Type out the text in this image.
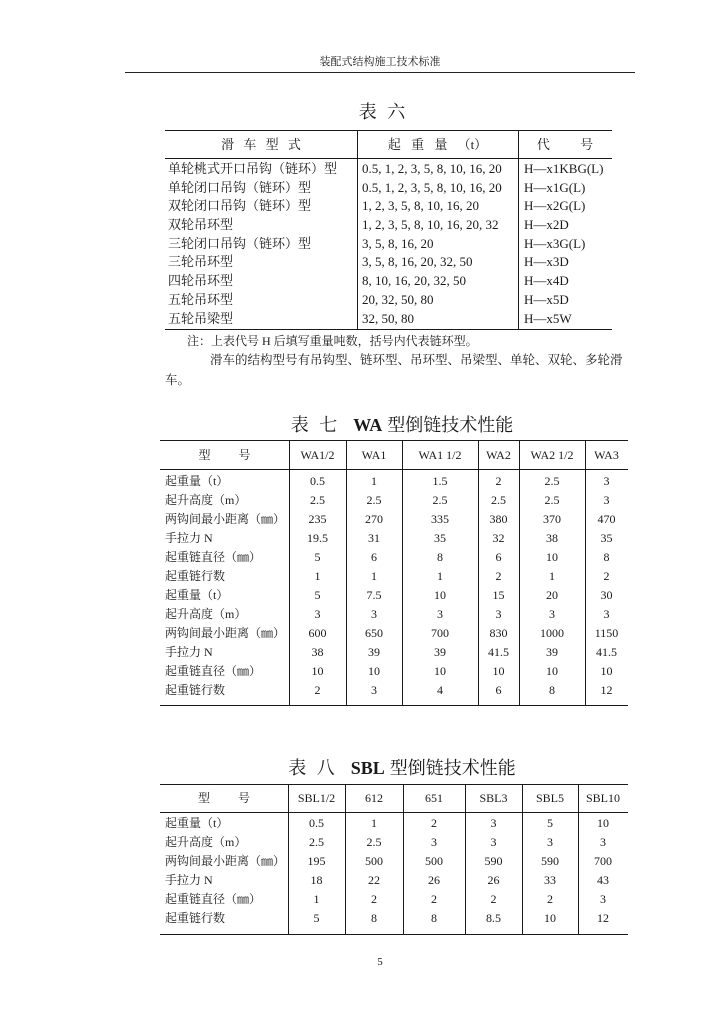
装配式结构施工技术标准
表 六
滑 车 型 式	起 重 量 （t）	代 号
单轮桃式开口吊钩（链环）型	0.5, 1, 2, 3, 5, 8, 10, 16, 20	H—x1KBG(L)
单轮闭口吊钩（链环）型	0.5, 1, 2, 3, 5, 8, 10, 16, 20	H—x1G(L)
双轮闭口吊钩（链环）型	1, 2, 3, 5, 8, 10, 16, 20	H—x2G(L)
双轮吊环型	1, 2, 3, 5, 8, 10, 16, 20, 32	H—x2D
三轮闭口吊钩（链环）型	3, 5, 8, 16, 20	H—x3G(L)
三轮吊环型	3, 5, 8, 16, 20, 32, 50	H—x3D
四轮吊环型	8, 10, 16, 20, 32, 50	H—x4D
五轮吊环型	20, 32, 50, 80	H—x5D
五轮吊梁型	32, 50, 80	H—x5W
注：上表代号 H 后填写重量吨数，括号内代表链环型。
滑车的结构型号有吊钩型、链环型、吊环型、吊梁型、单轮、双轮、多轮滑
车。
表 七 WA 型倒链技术性能
型 号	WA1/2	WA1	WA1 1/2	WA2	WA2 1/2	WA3
起重量（t）	0.5	1	1.5	2	2.5	3
起升高度（m）	2.5	2.5	2.5	2.5	2.5	3
两钩间最小距离（㎜）	235	270	335	380	370	470
手拉力 N	19.5	31	35	32	38	35
起重链直径（㎜）	5	6	8	6	10	8
起重链行数	1	1	1	2	1	2
起重量（t）	5	7.5	10	15	20	30
起升高度（m）	3	3	3	3	3	3
两钩间最小距离（㎜）	600	650	700	830	1000	1150
手拉力 N	38	39	39	41.5	39	41.5
起重链直径（㎜）	10	10	10	10	10	10
起重链行数	2	3	4	6	8	12
表 八 SBL 型倒链技术性能
型 号	SBL1/2	612	651	SBL3	SBL5	SBL10
起重量（t）	0.5	1	2	3	5	10
起升高度（m）	2.5	2.5	3	3	3	3
两钩间最小距离（㎜）	195	500	500	590	590	700
手拉力 N	18	22	26	26	33	43
起重链直径（㎜）	1	2	2	2	2	3
起重链行数	5	8	8	8.5	10	12
5
